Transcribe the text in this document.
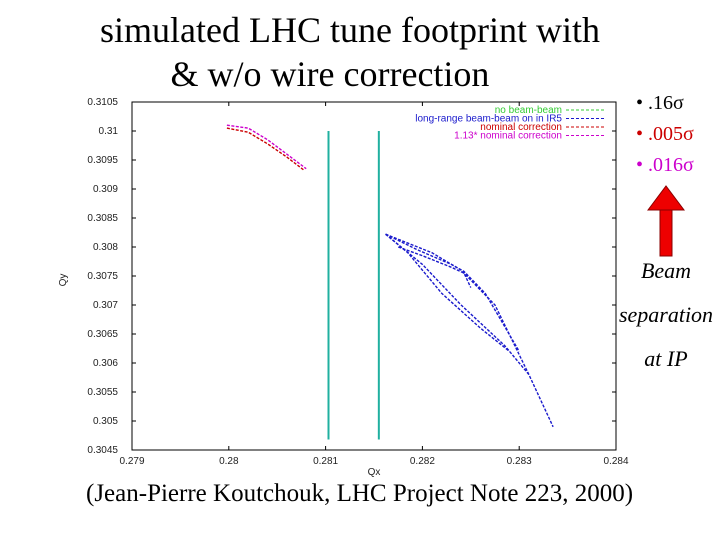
simulated LHC tune footprint with
& w/o wire correction
0.279	0.28	0.281	0.282	0.283	0.284
0.3105
0.31
0.3095
0.309
0.3085
0.308
0.3075
0.307
0.3065
0.306
0.3055
0.305
0.3045
no beam-beam
long-range beam-beam on in IR5
nominal correction
1.13* nominal correction
Qx
Qy
• .16σ
• .005σ
• .016σ
Beam
separation
at IP
(Jean-Pierre Koutchouk, LHC Project Note 223, 2000)
